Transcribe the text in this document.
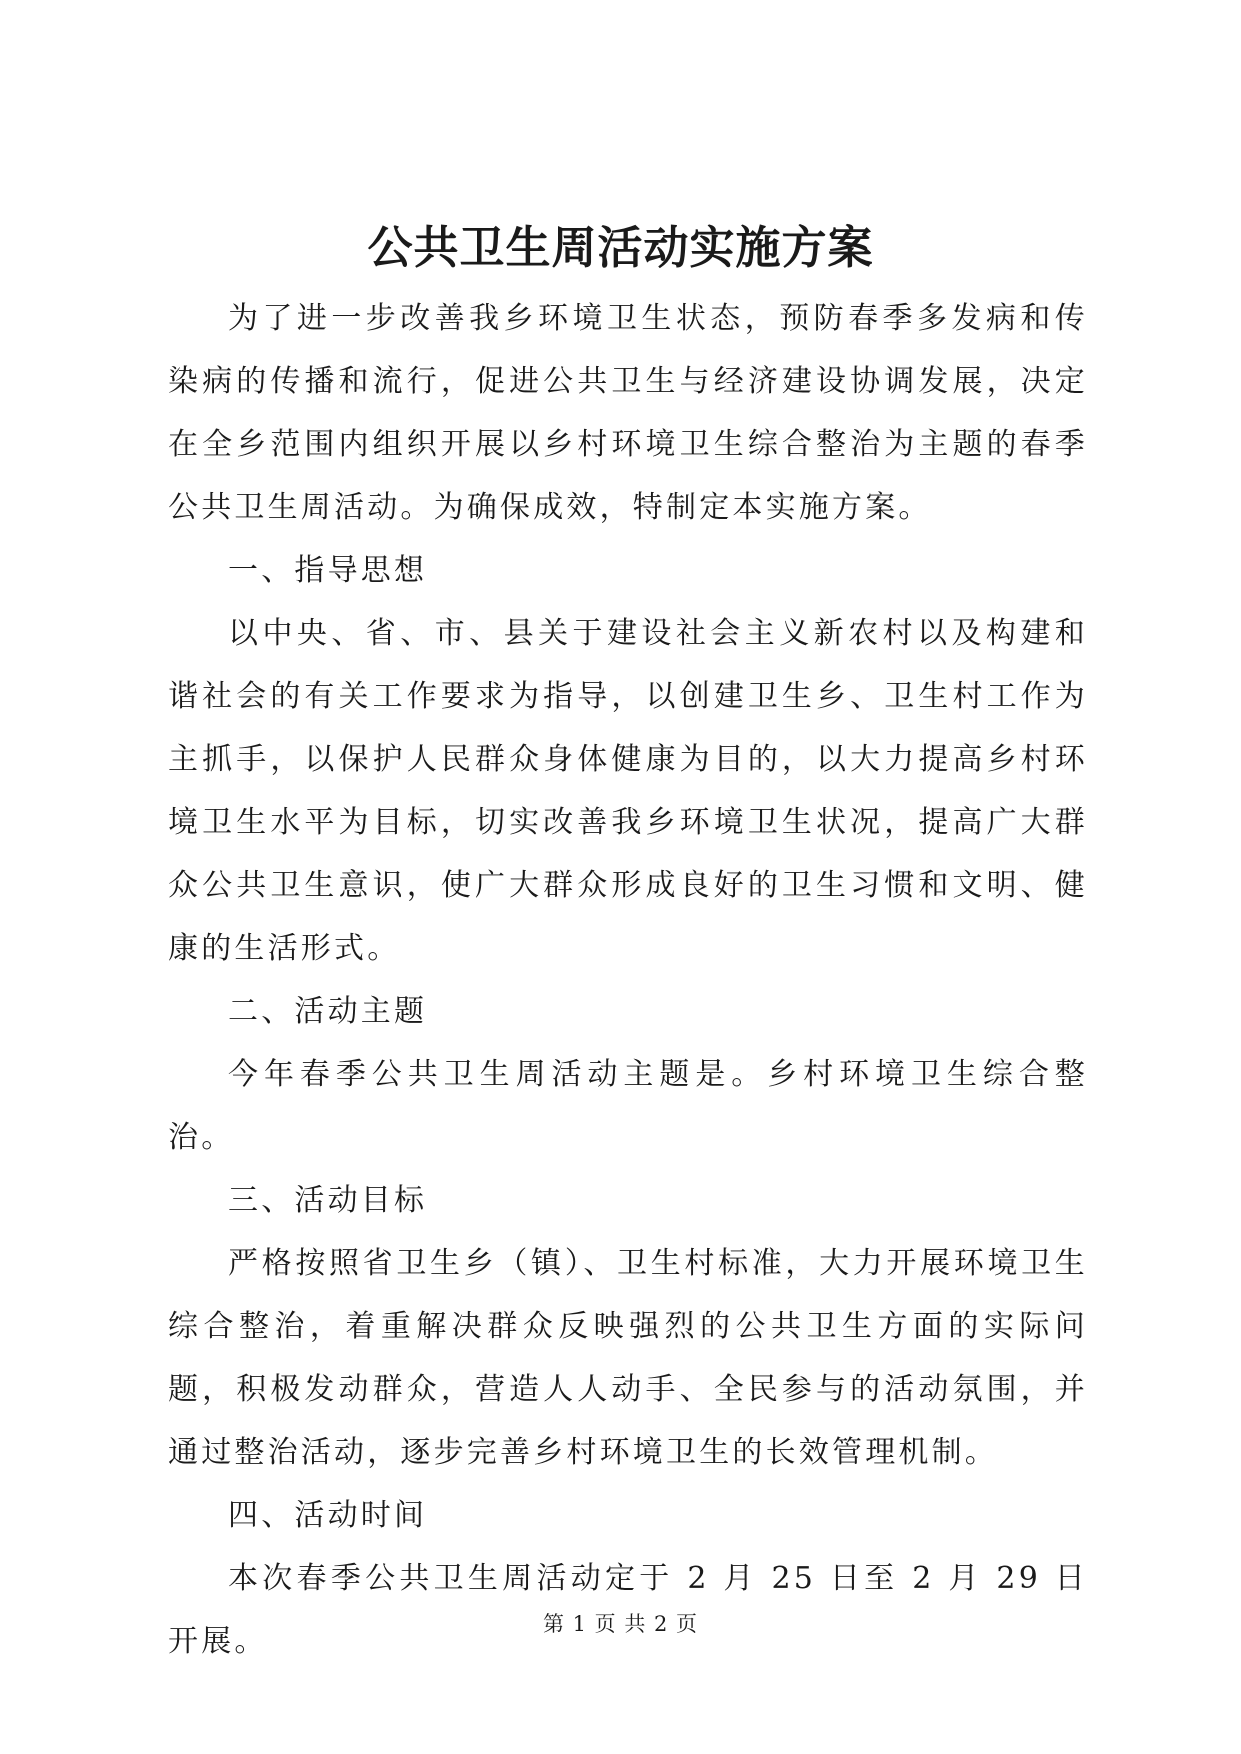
公共卫生周活动实施方案

为了进一步改善我乡环境卫生状态，预防春季多发病和传染病的传播和流行，促进公共卫生与经济建设协调发展，决定在全乡范围内组织开展以乡村环境卫生综合整治为主题的春季公共卫生周活动。为确保成效，特制定本实施方案。

一、指导思想

以中央、省、市、县关于建设社会主义新农村以及构建和谐社会的有关工作要求为指导，以创建卫生乡、卫生村工作为主抓手，以保护人民群众身体健康为目的，以大力提高乡村环境卫生水平为目标，切实改善我乡环境卫生状况，提高广大群众公共卫生意识，使广大群众形成良好的卫生习惯和文明、健康的生活形式。

二、活动主题

今年春季公共卫生周活动主题是。乡村环境卫生综合整治。

三、活动目标

严格按照省卫生乡（镇）、卫生村标准，大力开展环境卫生综合整治，着重解决群众反映强烈的公共卫生方面的实际问题，积极发动群众，营造人人动手、全民参与的活动氛围，并通过整治活动，逐步完善乡村环境卫生的长效管理机制。

四、活动时间

本次春季公共卫生周活动定于 2 月 25 日至 2 月 29 日开展。	第 1 页 共 2 页
